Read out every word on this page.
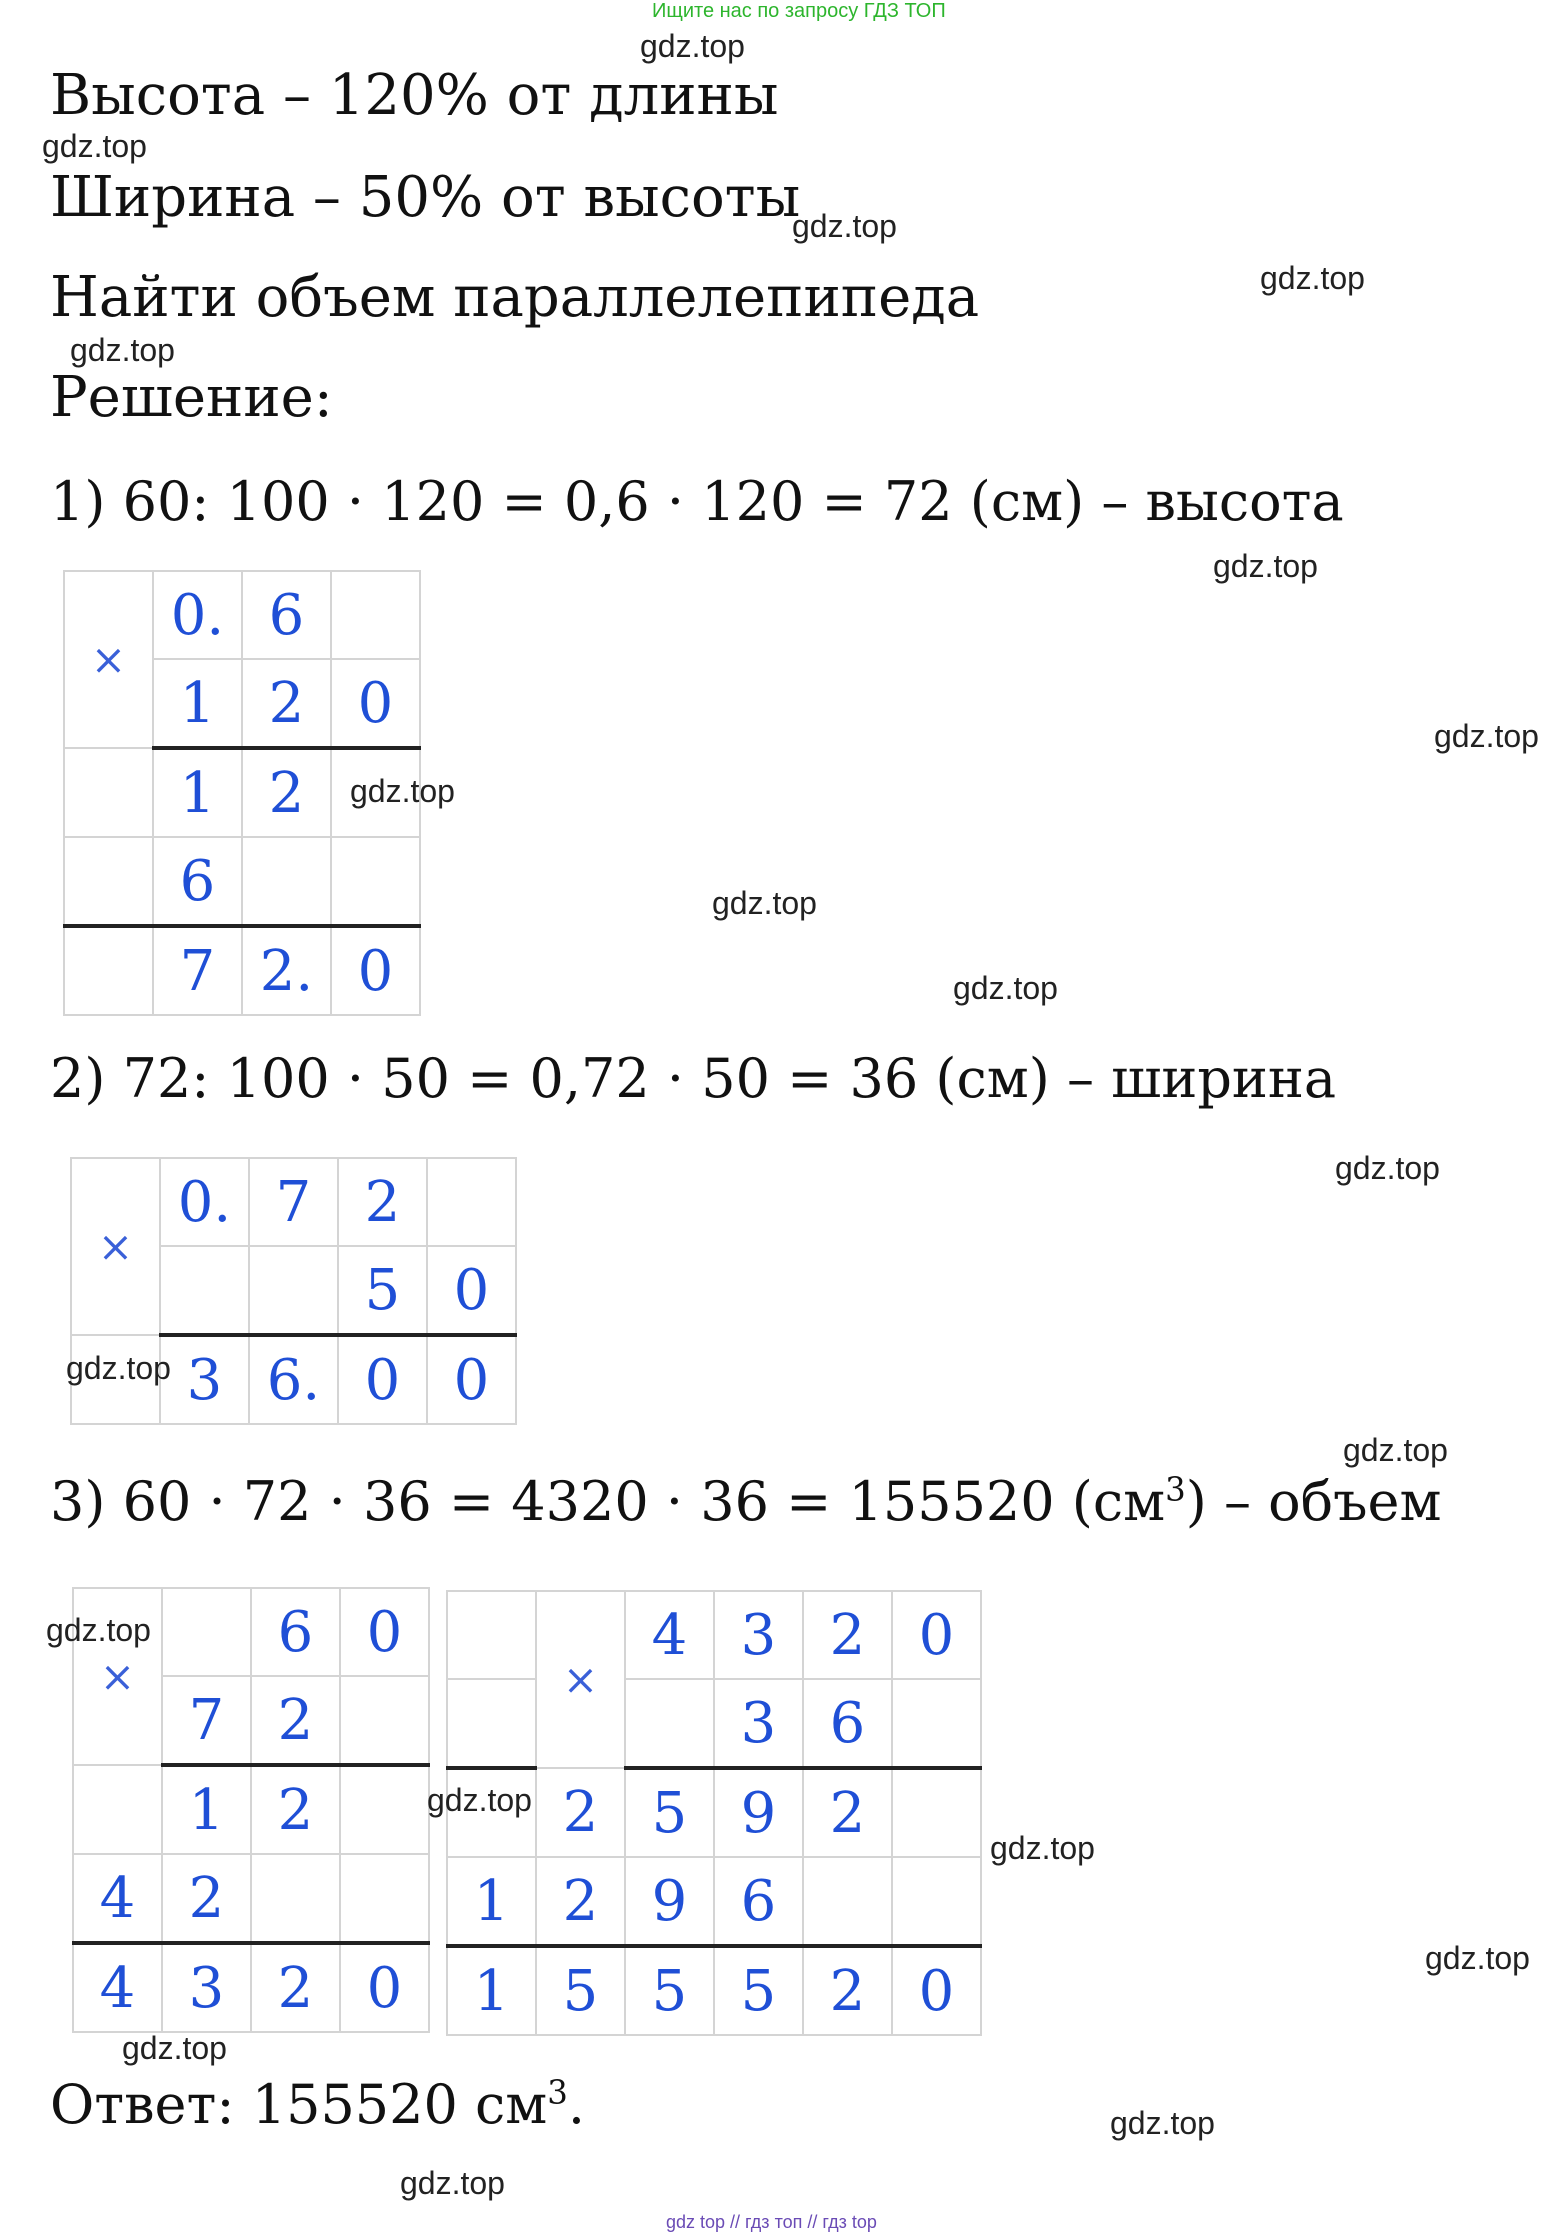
Ищите нас по запросу ГДЗ ТОП
gdz top // гдз топ // гдз top
Высота – 120% от длины
Ширина – 50% от высоты
Найти объем параллелепипеда
Решение:
1) 60: 100 · 120 = 0,6 · 120 = 72 (см) – высота
2) 72: 100 · 50 = 0,72 · 50 = 36 (см) – ширина
3) 60 · 72 · 36 = 4320 · 36 = 155520 $(см^3)$ – объем
×	0.	6	
	1	2	0
	1	2	
	6		
	7	2.	0
×	0.	7	2	
			5	0
	3	6.	0	0
×		6	0
	7	2	
	1	2	
4	2		
4	3	2	0
	×	4	3	2	0
			3	6	
	2	5	9	2	
1	2	9	6		
1	5	5	5	2	0
Ответ: 155520 $см^3$.
gdz.top
gdz.top
gdz.top
gdz.top
gdz.top
gdz.top
gdz.top
gdz.top
gdz.top
gdz.top
gdz.top
gdz.top
gdz.top
gdz.top
gdz.top
gdz.top
gdz.top
gdz.top
gdz.top
gdz.top
